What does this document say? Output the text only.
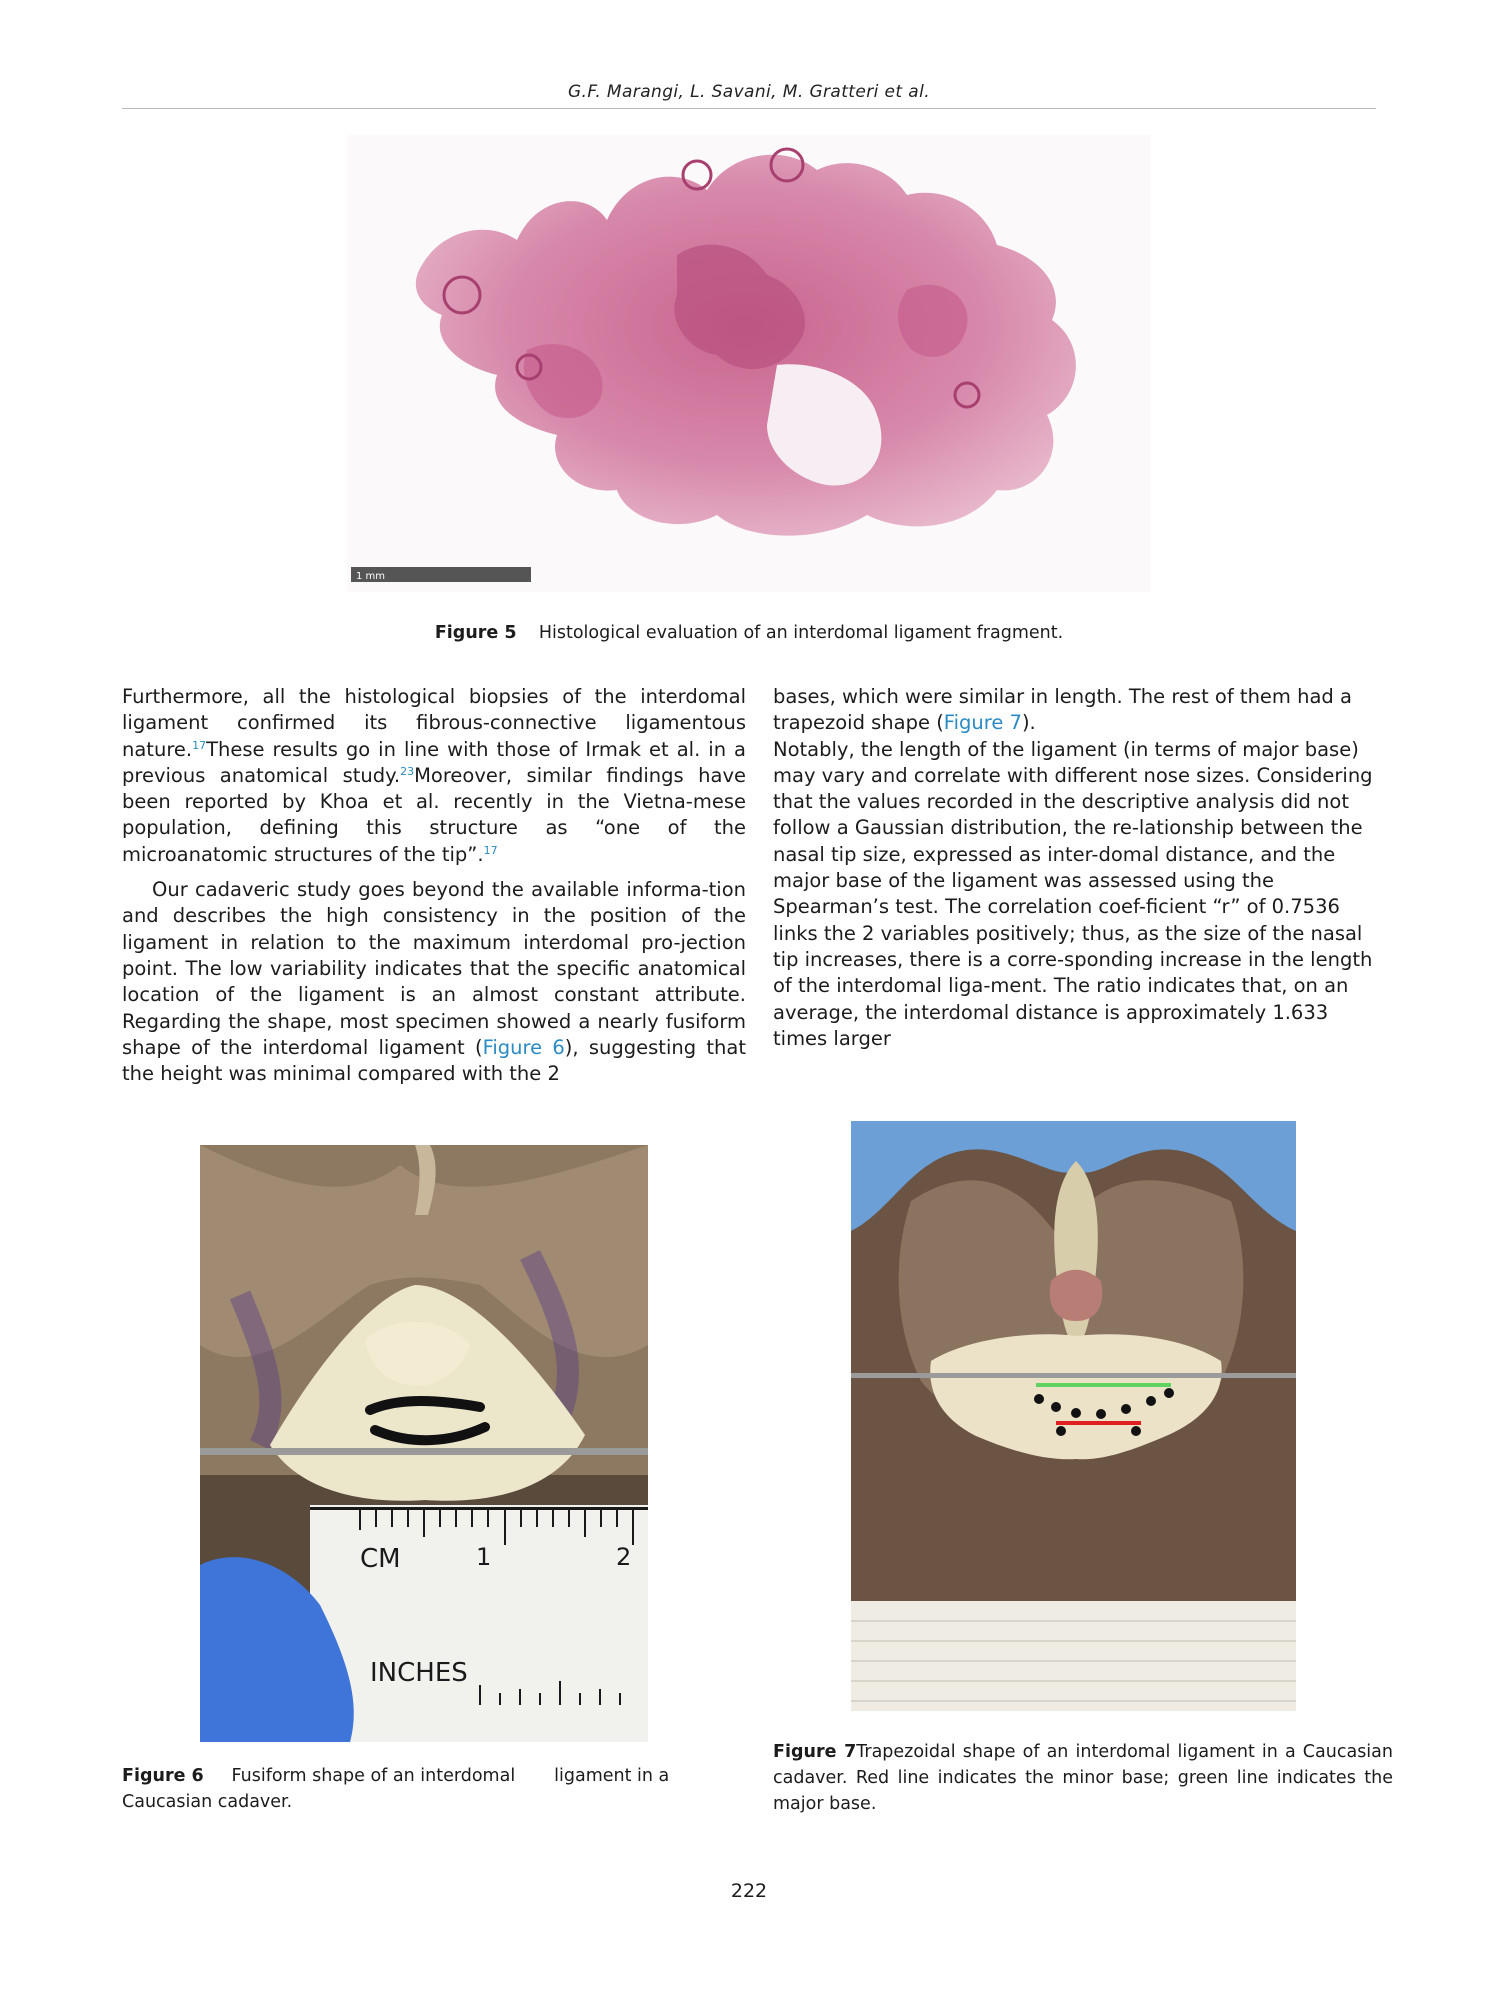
G.F. Marangi, L. Savani, M. Gratteri et al.
1 mm
Figure 5 Histological evaluation of an interdomal ligament fragment.

Furthermore, all the histological biopsies of the interdomal ligament confirmed its fibrous-connective ligamentous nature.$^{17}$These results go in line with those of Irmak et al. in a previous anatomical study.$^{23}$Moreover, similar findings have been reported by Khoa et al. recently in the Vietna-mese population, defining this structure as “one of the microanatomic structures of the tip”.$^{17}$

Our cadaveric study goes beyond the available informa-tion and describes the high consistency in the position of the ligament in relation to the maximum interdomal pro-jection point. The low variability indicates that the specific anatomical location of the ligament is an almost constant attribute. Regarding the shape, most specimen showed a nearly fusiform shape of the interdomal ligament (Figure 6), suggesting that the height was minimal compared with the 2

bases, which were similar in length. The rest of them had a trapezoid shape (Figure 7).

Notably, the length of the ligament (in terms of major base) may vary and correlate with different nose sizes. Considering that the values recorded in the descriptive analysis did not follow a Gaussian distribution, the re-lationship between the nasal tip size, expressed as inter-domal distance, and the major base of the ligament was assessed using the Spearman’s test. The correlation coef-ficient “r” of 0.7536 links the 2 variables positively; thus, as the size of the nasal tip increases, there is a corre-sponding increase in the length of the interdomal liga-ment. The ratio indicates that, on an average, the interdomal distance is approximately 1.633 times larger

CM	1	2
INCHES
Figure 6 Fusiform shape of an interdomal ligament in a Caucasian cadaver.
Figure 7Trapezoidal shape of an interdomal ligament in a Caucasian cadaver. Red line indicates the minor base; green line indicates the major base.
222
